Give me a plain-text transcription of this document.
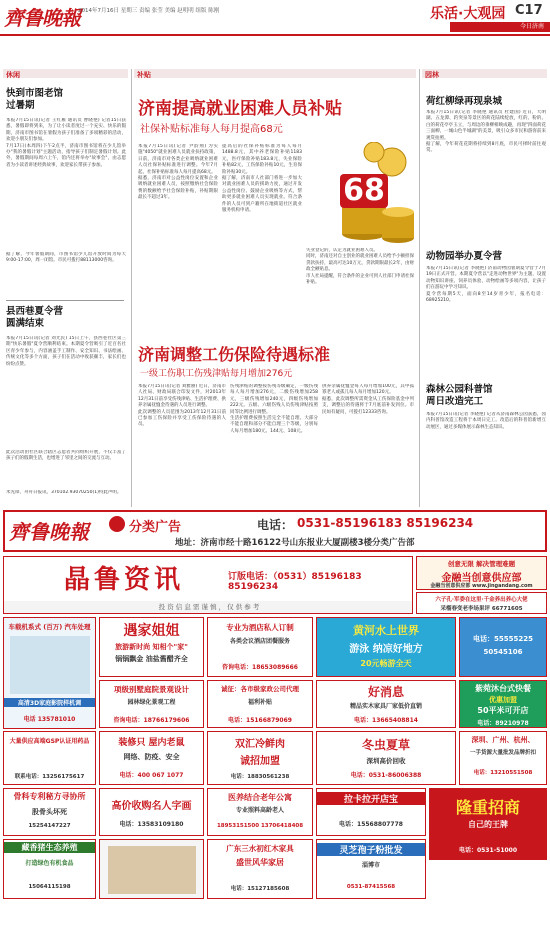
齊鲁晚報
2014年7月16日 星期三 责编 张莹 美编 赵明明 组版 陈刚	乐活·大观园 C17
今日济南
休闲
快到市图老馆
过暑期
本报7月15日讯(记者 王红雁 通讯员 曹晓艳) 记者15日获悉，暑假即将到来，为了让小读者度过一个充实、快乐的假期，济南市图书馆在暑假为孩子们准备了多项精彩的活动，欢迎小朋友们参加。
7月17日(本周四)下午2点半，济南市图书馆将在少儿馆举办"我的暑假计划"主题活动，指导孩子们制定暑假计划。此外，暑假期间每周六上午，馆内还将举办"故事会"，由志愿者为小读者讲述经典故事，欢迎家长带孩子参加。
据了解，今年暑假期间，市图书馆少儿馆开放时间为每天9:00-17:00，周一闭馆。市民可拨打88113000咨询。
县西巷夏令营
圆满结束
本报7月15日讯(记者 刘光民) 15日上午，县西巷社区第三期"快乐暑假"夏令营顺利结束。本期夏令营吸引了近百名社区青少年参与，内容涵盖手工制作、安全知识、书法绘画、传统文化等多个方面，孩子们在活动中收获颇丰，家长们也纷纷点赞。
此次活动由社区联合辖区志愿者共同组织开展，不仅丰富了孩子们的假期生活，也增进了邻里之间的交流与互动。
米先锋，舟舟日报讯，370102.93070250(1)特此声明。
补贴
济南提高就业困难人员补贴
社保补贴标准每人每月提高68元
68
本报7月15日讯(记者 尹韵翔) 为实施"4050"就业困难人员就业扶持政策，日前，济南市对各类企业吸纳就业困难人员社保补贴标准进行调整。今年7月起，社保补贴标准每人每月提高68元。
据悉，济南市对公益性岗位安置和企业吸纳就业困难人员，按照缴纳社会保险费的数额给予社会保险补贴，补贴期限最长不超过3年。
提高后的社保补贴标准为每人每月1488.8元，其中养老保险补贴1183元，医疗保险补贴183.8元，失业保险补贴82元，工伤保险补贴10元，生育保险补贴30元。
据了解，济南市人社部门将进一步加大对就业困难人员的援助力度，通过开发公益性岗位、鼓励企业吸纳等方式，帮助更多就业困难人员实现就业。符合条件的人员可到户籍所在地街道社区就业服务机构申请。
失业登记的，认定为就业困难人员。
同时，济南还对自主创业的就业困难人员给予小额担保贷款扶持，最高可达10万元，贷款期限最长2年，由财政全额贴息。
市人社局提醒，符合条件的企业可到人社部门申请社保补贴。
济南调整工伤保险待遇标准
一级工伤职工伤残津贴每月增加276元
本报7月15日讯(记者 刘雅丽) 近日，济南市人社局、财政局联合印发文件，对2013年12月31日前享受伤残津贴、生活护理费、供养亲属抚恤金待遇的人员进行调整。
此次调整的人员范围为2013年12月31日前已参加工伤保险并享受工伤保险待遇的人员。
伤残津贴的调整按伤残等级确定，一级伤残每人每月增加276元，二级伤残增加258元，三级伤残增加240元，四级伤残增加222元。五级、六级伤残人员伤残津贴按照同等比例进行调整。
生活护理费按照生活完全不能自理、大部分不能自理和部分不能自理三个等级，分别每人每月增加180元、144元、108元。
供养亲属抚恤金每人每月增加100元，其中孤寡老人或孤儿每人每月增加120元。
据悉，此次调整所需资金从工伤保险基金中列支，调整后的待遇将于7月底前补发到位。市民如有疑问，可拨打12333咨询。
园林
荷红柳绿再现泉城
本报7月15日讯(记者 李晓艳 通讯员 杜建国) 近日，大明湖、五龙潭、趵突泉等景区的荷花陆续绽放，红的、粉的、白的荷花亭亭玉立，与周边的垂柳相映成趣，再现"四面荷花三面柳，一城山色半城湖"的美景，吸引众多市民和游客前来观赏拍照。
据了解，今年荷花花期将持续到8月底，市民可择时前往观赏。
动物园举办夏令营
本报7月15日讯(记者 李晓艳) 济南动物园暑期夏令营于7月19日正式开营。本期夏令营以"走进动物世界"为主题，设置动物知识讲座、饲养员体验、动物绘画等多项内容，让孩子们在游玩中学习知识。
夏令营每期5天，面向8至14岁青少年，报名电话：68925210。
森林公园科普馆
周日改造完工
本报7月15日讯(记者 李晓艳) 记者从济南森林公园获悉，园内科普馆改造工程将于本周日完工。改造后的科普馆新增互动展区，通过多媒体展示森林生态知识。
齊鲁晚報	分类广告	电话： 0531-85196183 85196234
地址：济南市经十路16122号山东报业大厦副楼3楼分类广告部
晶鲁资讯	订版电话：（0531）85196183 85196234
投 资 信 息 需 谨 慎 ， 仅 供 参 考
创意无限 解决管理难题
金融当创意供应部
金融当创意供应部 www.jingandang.com
六子孔·军委在这里·千金养出养心大佬
采榴春变老李场果评 66771605
车载机系式 (百万) 汽车处理
高清3D家庭影院样机调
电话 135781010
遇家姐姐
旅游新时尚 知相个"家"
锅锅飘金 油盐酱醋齐全
专业为酒店私人订制
各类会议酒店团餐服务
咨询电话：18653089666
黄河水上世界
游泳 纳凉好地方
20元畅游全天
电话：55555225
50545106
项级别墅庭院景观设计
园林绿化景观工程
咨询电话：18766179606
诚征：各市级家政公司代理
福利补贴
电话：15166879069
好消息
精品实木家具厂家低价直销
电话：13665408814
紫菀沐台式快餐
优惠加盟
50平米可开店
电话：89210978
大量供应高端GSP认证用药品
联系电话：13256175617
装修只 屋内老鼠
网络、防疫、安全
电话：400 067 1077
双汇冷鲜肉
诚招加盟
电话：18830561238
冬虫夏草
深圳高价回收
电话：0531-86006388
深圳、广州、杭州、
一手货源大量批发品牌折扣
电话：13210551508
骨科专利秘方寻协所
股骨头坏死
15254147227
高价收购名人字画
电话：13583109180
医养结合老年公寓
专业照料高龄老人
18953151500 13706418408
拉卡拉开店宝
电话：15568807778
隆重招商
自己的王牌
电话：0531-51000
藏香猪生态养殖
打造绿色有机食品
15064115198
广东三水初红木家具
盛世风华家居
电话：15127185608
灵芝孢子粉批发
淄博市
0531-87415568
